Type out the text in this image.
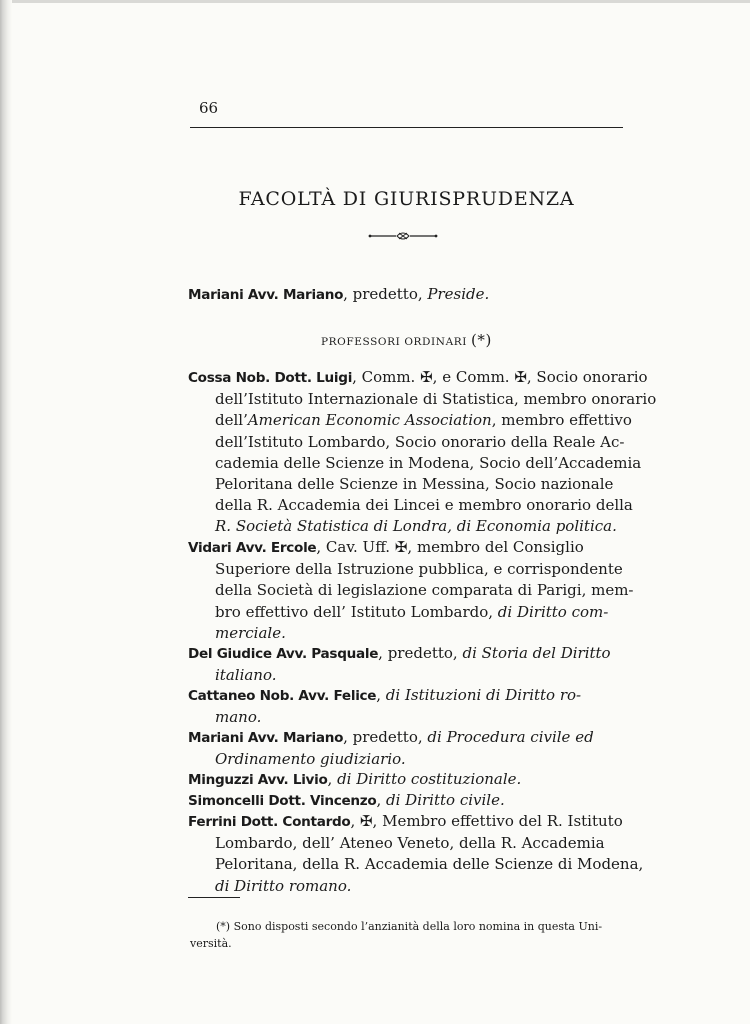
66
FACOLTÀ DI GIURISPRUDENZA
Mariani Avv. Mariano, predetto, Preside.
PROFESSORI ORDINARI (*)
Cossa Nob. Dott. Luigi, Comm. ✠, e Comm. ✠, Socio onorario
dell’Istituto Internazionale di Statistica, membro onorario
dell’American Economic Association, membro effettivo
dell’Istituto Lombardo, Socio onorario della Reale Ac-
cademia delle Scienze in Modena, Socio dell’Accademia
Peloritana delle Scienze in Messina, Socio nazionale
della R. Accademia dei Lincei e membro onorario della
R. Società Statistica di Londra, di Economia politica.
Vidari Avv. Ercole, Cav. Uff. ✠, membro del Consiglio
Superiore della Istruzione pubblica, e corrispondente
della Società di legislazione comparata di Parigi, mem-
bro effettivo dell’ Istituto Lombardo, di Diritto com-
merciale.
Del Giudice Avv. Pasquale, predetto, di Storia del Diritto
italiano.
Cattaneo Nob. Avv. Felice, di Istituzioni di Diritto ro-
mano.
Mariani Avv. Mariano, predetto, di Procedura civile ed
Ordinamento giudiziario.
Minguzzi Avv. Livio, di Diritto costituzionale.
Simoncelli Dott. Vincenzo, di Diritto civile.
Ferrini Dott. Contardo, ✠, Membro effettivo del R. Istituto
Lombardo, dell’ Ateneo Veneto, della R. Accademia
Peloritana, della R. Accademia delle Scienze di Modena,
di Diritto romano.
(*) Sono disposti secondo l’anzianità della loro nomina in questa Uni-
versità.
